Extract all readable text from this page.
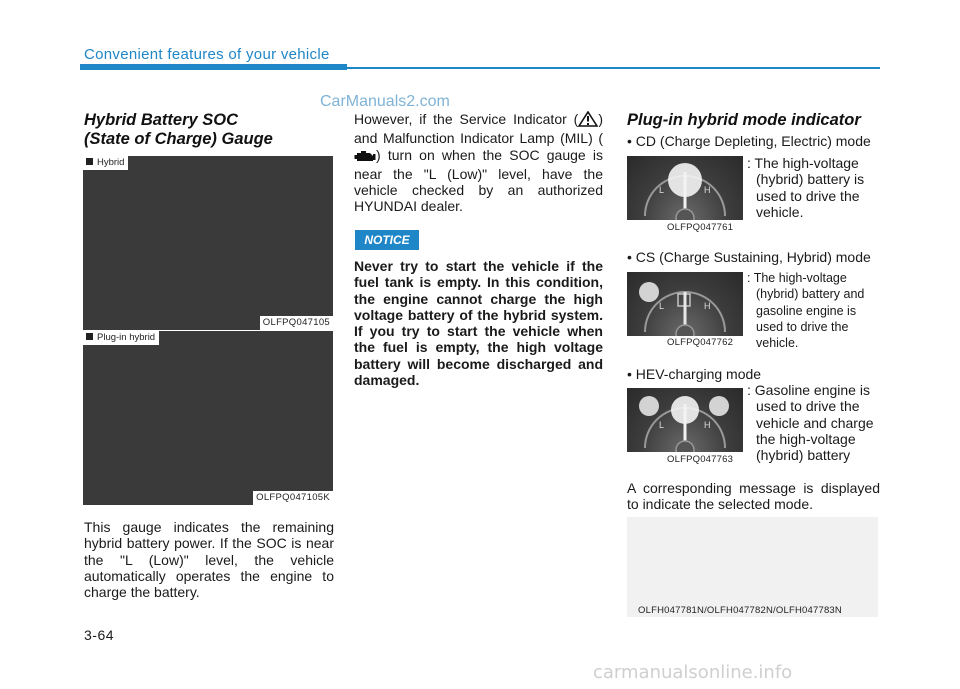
Convenient features of your vehicle
CarManuals2.com
Hybrid Battery SOC
(State of Charge) Gauge
Hybrid
OLFPQ047105
Plug-in hybrid
OLFPQ047105K
This gauge indicates the remaining hybrid battery power. If the SOC is near the "L (Low)" level, the vehicle automatically operates the engine to charge the battery.
However, if the Service Indicator ( ) and Malfunction Indicator Lamp (MIL) () turn on when the SOC gauge is near the "L (Low)" level, have the vehicle checked by an authorized HYUNDAI dealer.
NOTICE
Never try to start the vehicle if the fuel tank is empty. In this condition, the engine cannot charge the high voltage battery of the hybrid system. If you try to start the vehicle when the fuel is empty, the high voltage battery will become discharged and damaged.
Plug-in hybrid mode indicator
• CD (Charge Depleting, Electric) mode
L	H
OLFPQ047761
: The high-voltage
(hybrid) battery is used to drive the vehicle.
• CS (Charge Sustaining, Hybrid) mode
L	H
OLFPQ047762
: The high-voltage
(hybrid) battery and gasoline engine is used to drive the vehicle.
• HEV-charging mode
L	H
OLFPQ047763
: Gasoline engine is
used to drive the vehicle and charge the high-voltage (hybrid) battery
A corresponding message is displayed to indicate the selected mode.
OLFH047781N/OLFH047782N/OLFH047783N
3-64
carmanualsonline.info
